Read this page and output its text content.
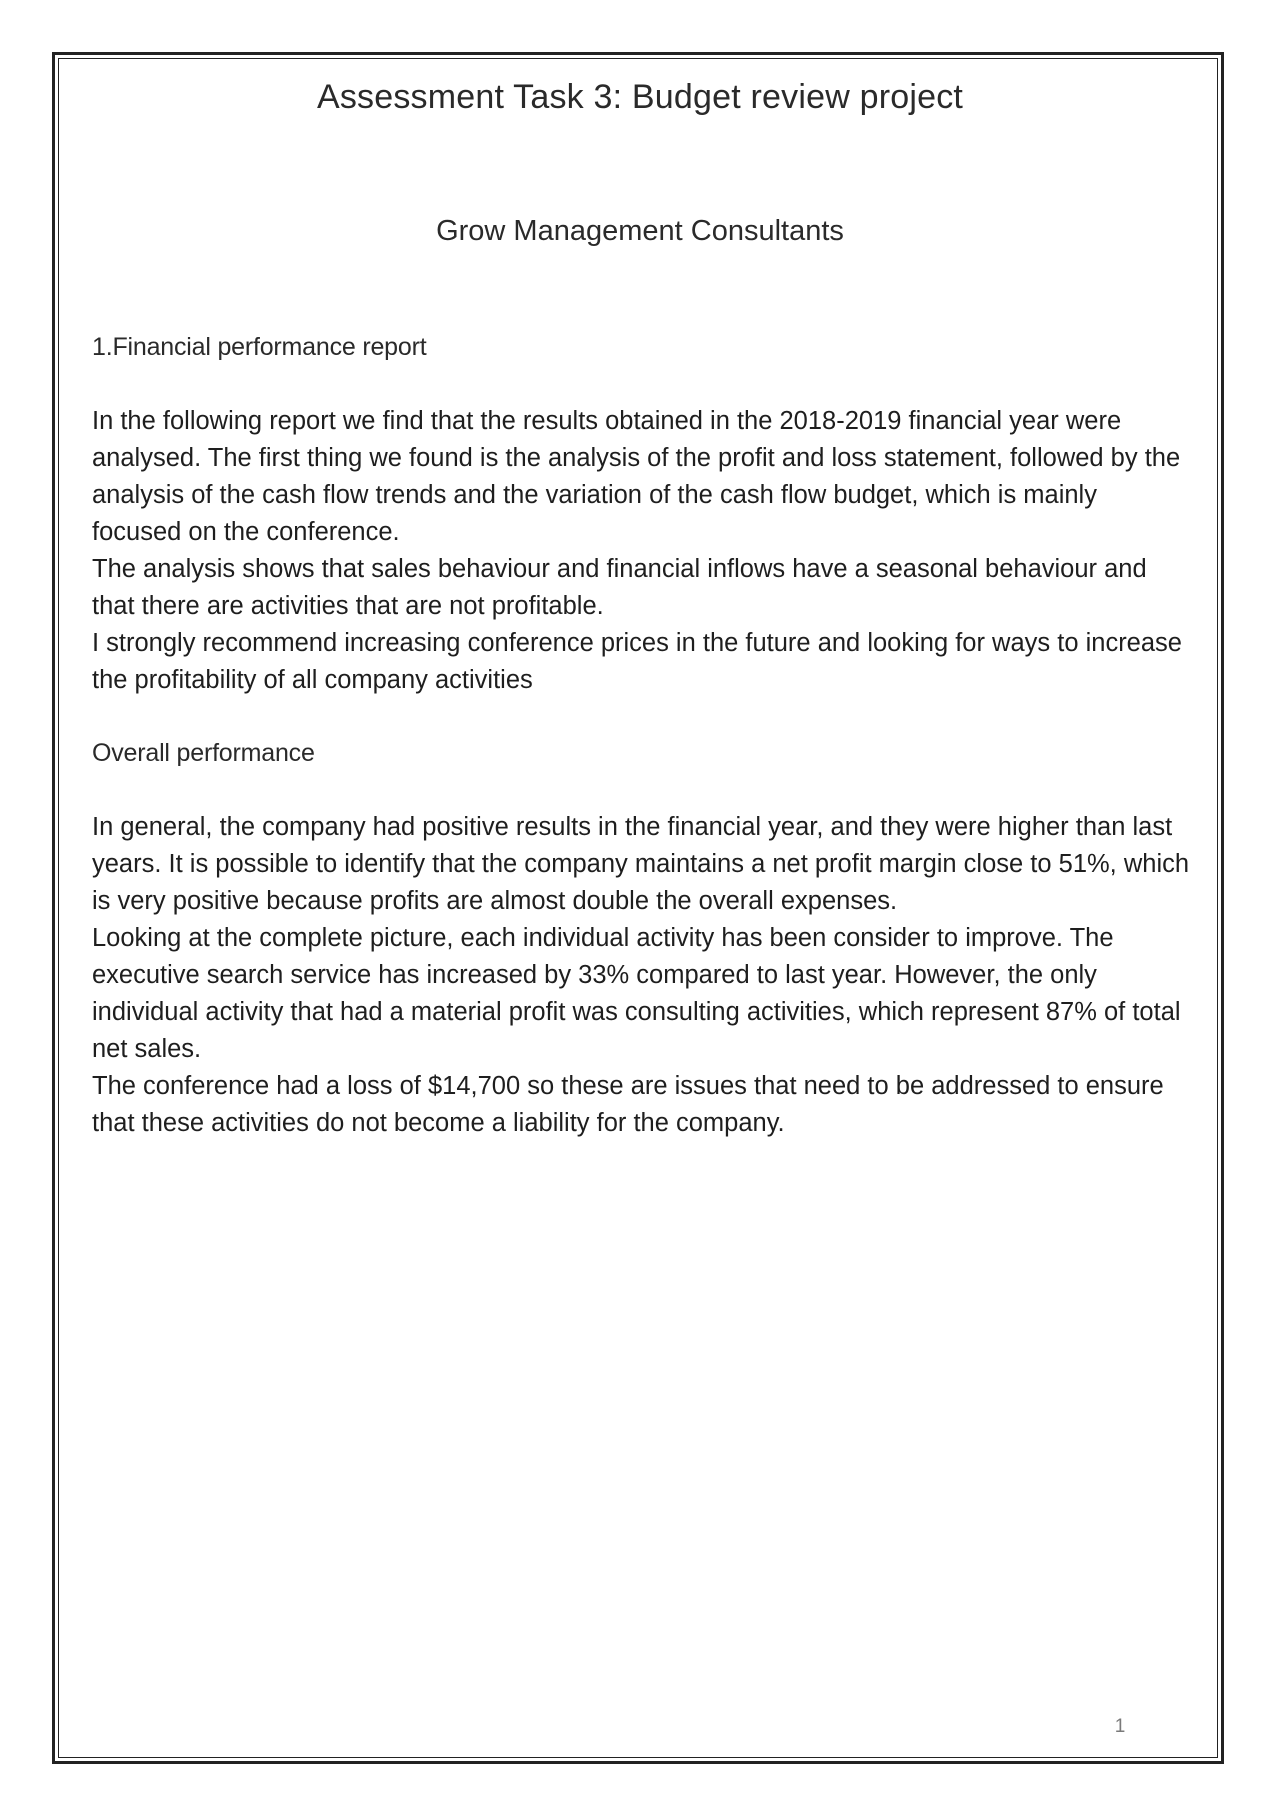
Assessment Task 3: Budget review project
Grow Management Consultants
1.Financial performance report

In the following report we find that the results obtained in the 2018-2019 financial year were analysed. The first thing we found is the analysis of the profit and loss statement, followed by the analysis of the cash flow trends and the variation of the cash flow budget, which is mainly focused on the conference.

The analysis shows that sales behaviour and financial inflows have a seasonal behaviour and that there are activities that are not profitable.

I strongly recommend increasing conference prices in the future and looking for ways to increase the profitability of all company activities

Overall performance

In general, the company had positive results in the financial year, and they were higher than last years. It is possible to identify that the company maintains a net profit margin close to 51%, which is very positive because profits are almost double the overall expenses.

Looking at the complete picture, each individual activity has been consider to improve. The executive search service has increased by 33% compared to last year. However, the only individual activity that had a material profit was consulting activities, which represent 87% of total net sales.

The conference had a loss of $14,700 so these are issues that need to be addressed to ensure that these activities do not become a liability for the company.

1
